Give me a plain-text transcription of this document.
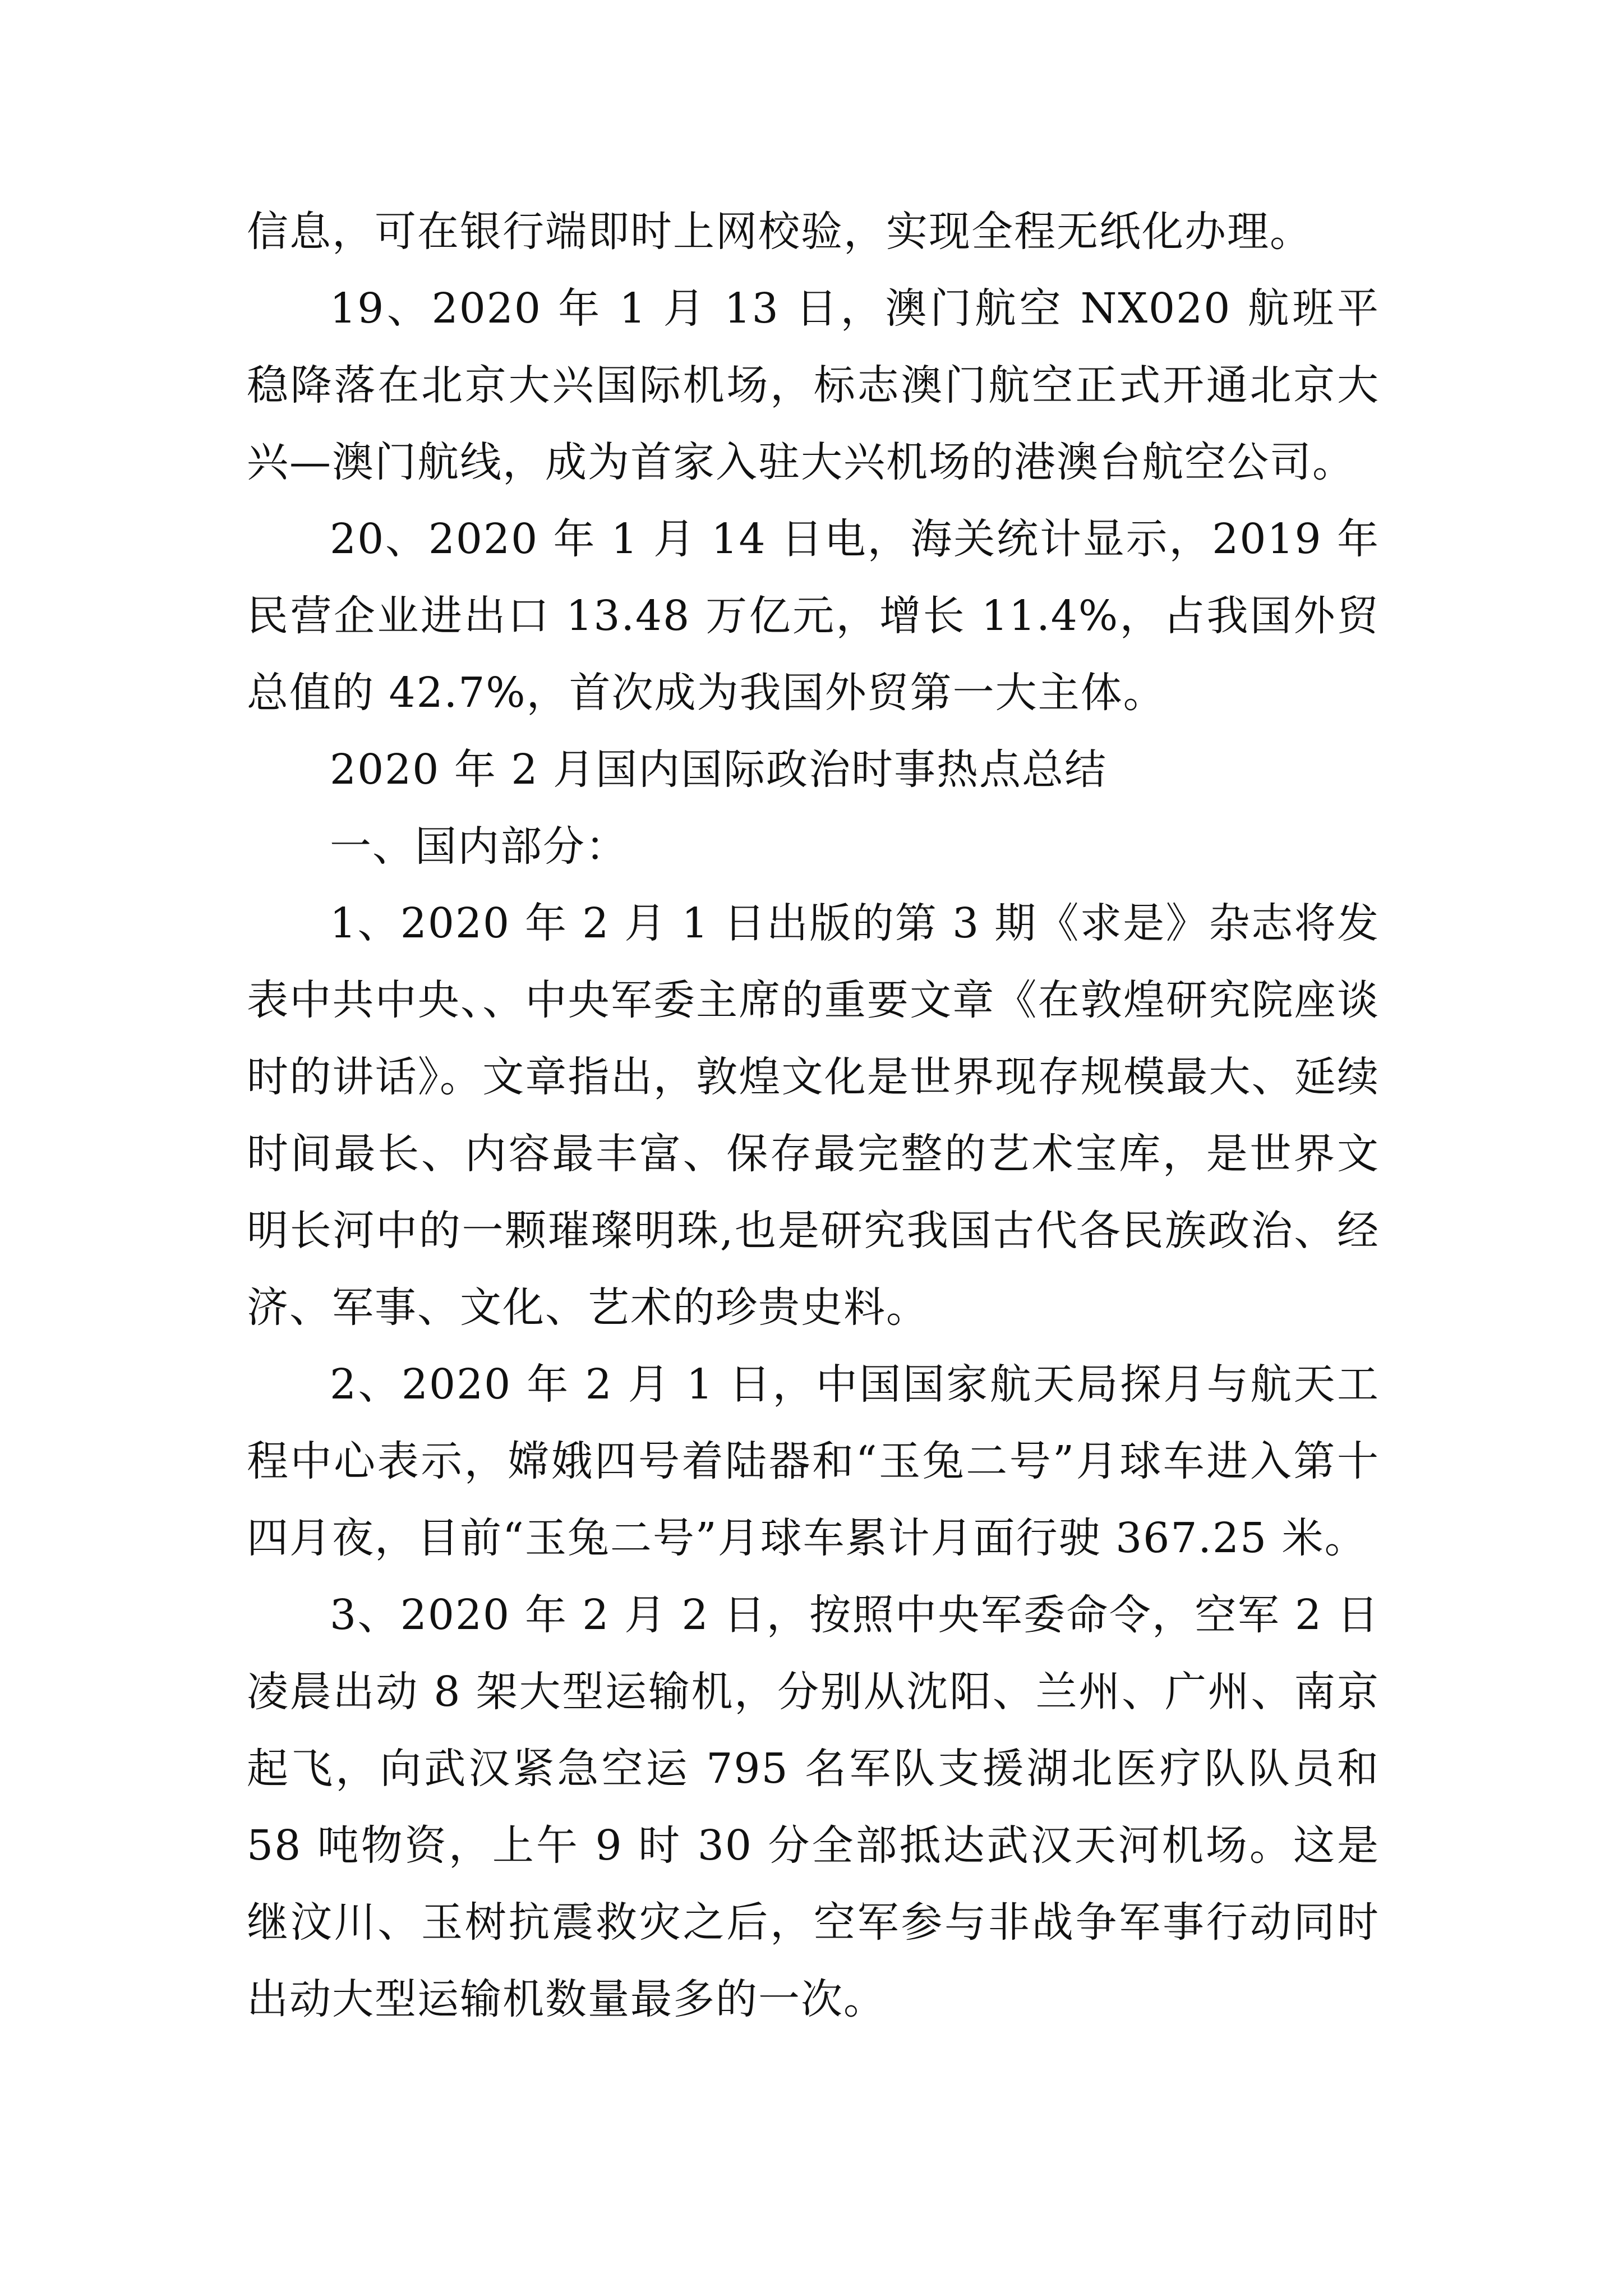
信息，可在银行端即时上网校验，实现全程无纸化办理。

19、2020 年 1 月 13 日，澳门航空 NX020 航班平稳降落在北京大兴国际机场，标志澳门航空正式开通北京大兴—澳门航线，成为首家入驻大兴机场的港澳台航空公司。

20、2020 年 1 月 14 日电，海关统计显示，2019 年民营企业进出口 13.48 万亿元，增长 11.4%，占我国外贸总值的 42.7%，首次成为我国外贸第一大主体。

2020 年 2 月国内国际政治时事热点总结

一、国内部分：

1、2020 年 2 月 1 日出版的第 3 期《求是》杂志将发表中共中央、、中央军委主席的重要文章《在敦煌研究院座谈时的讲话》。文章指出，敦煌文化是世界现存规模最大、延续时间最长、内容最丰富、保存最完整的艺术宝库，是世界文明长河中的一颗璀璨明珠,也是研究我国古代各民族政治、经济、军事、文化、艺术的珍贵史料。

2、2020 年 2 月 1 日，中国国家航天局探月与航天工程中心表示，嫦娥四号着陆器和“玉兔二号”月球车进入第十四月夜，目前“玉兔二号”月球车累计月面行驶 367.25 米。

3、2020 年 2 月 2 日，按照中央军委命令，空军 2 日凌晨出动 8 架大型运输机，分别从沈阳、兰州、广州、南京起飞，向武汉紧急空运 795 名军队支援湖北医疗队队员和 58 吨物资，上午 9 时 30 分全部抵达武汉天河机场。这是继汶川、玉树抗震救灾之后，空军参与非战争军事行动同时出动大型运输机数量最多的一次。
